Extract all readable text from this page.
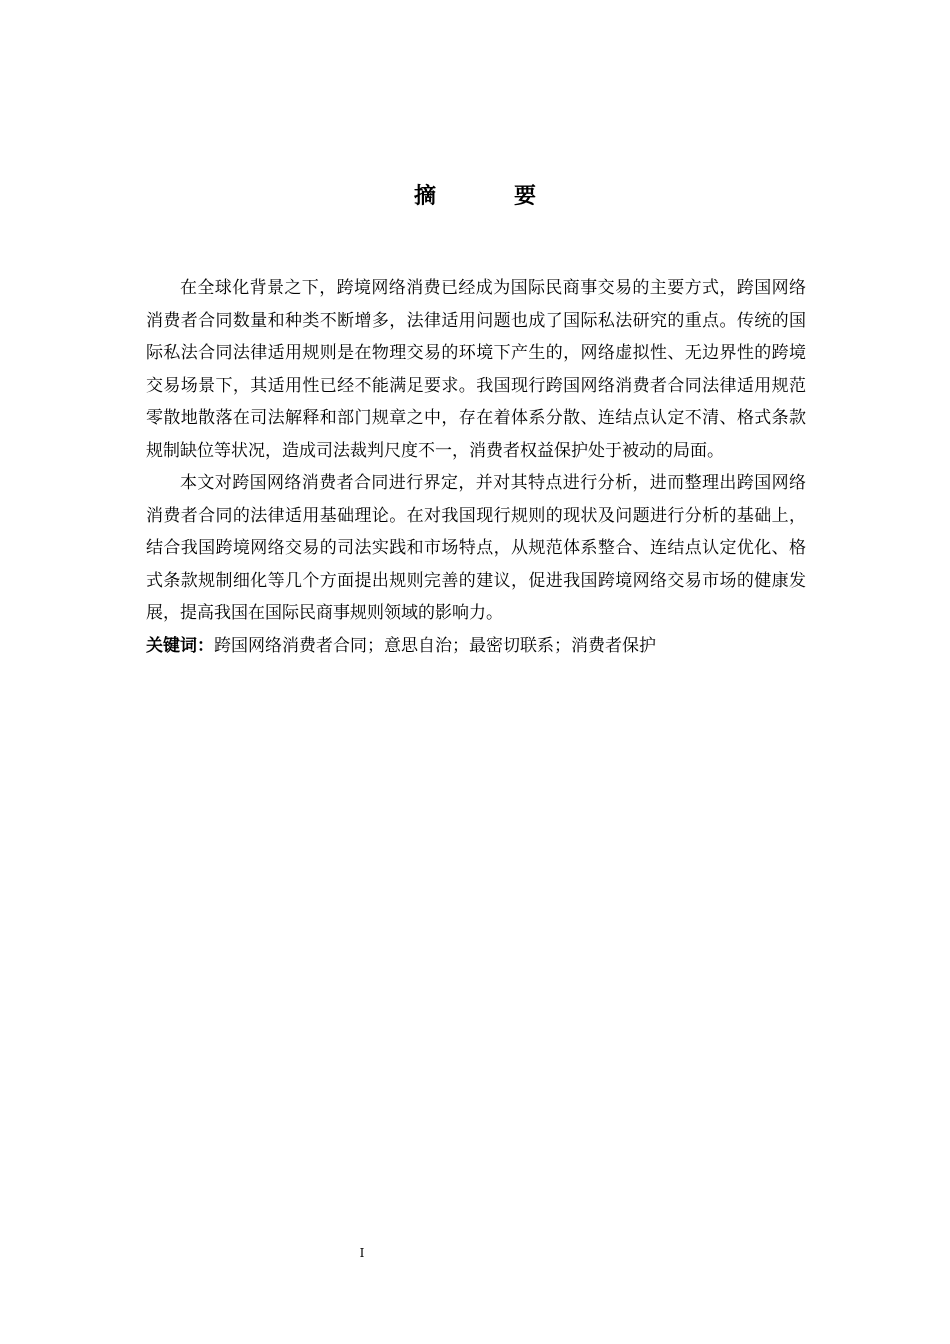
摘　要

在全球化背景之下，跨境网络消费已经成为国际民商事交易的主要方式，跨国网络消费者合同数量和种类不断增多，法律适用问题也成了国际私法研究的重点。传统的国际私法合同法律适用规则是在物理交易的环境下产生的，网络虚拟性、无边界性的跨境交易场景下，其适用性已经不能满足要求。我国现行跨国网络消费者合同法律适用规范零散地散落在司法解释和部门规章之中，存在着体系分散、连结点认定不清、格式条款规制缺位等状况，造成司法裁判尺度不一，消费者权益保护处于被动的局面。

本文对跨国网络消费者合同进行界定，并对其特点进行分析，进而整理出跨国网络消费者合同的法律适用基础理论。在对我国现行规则的现状及问题进行分析的基础上，结合我国跨境网络交易的司法实践和市场特点，从规范体系整合、连结点认定优化、格式条款规制细化等几个方面提出规则完善的建议，促进我国跨境网络交易市场的健康发展，提高我国在国际民商事规则领域的影响力。

关键词：跨国网络消费者合同；意思自治；最密切联系；消费者保护

I
